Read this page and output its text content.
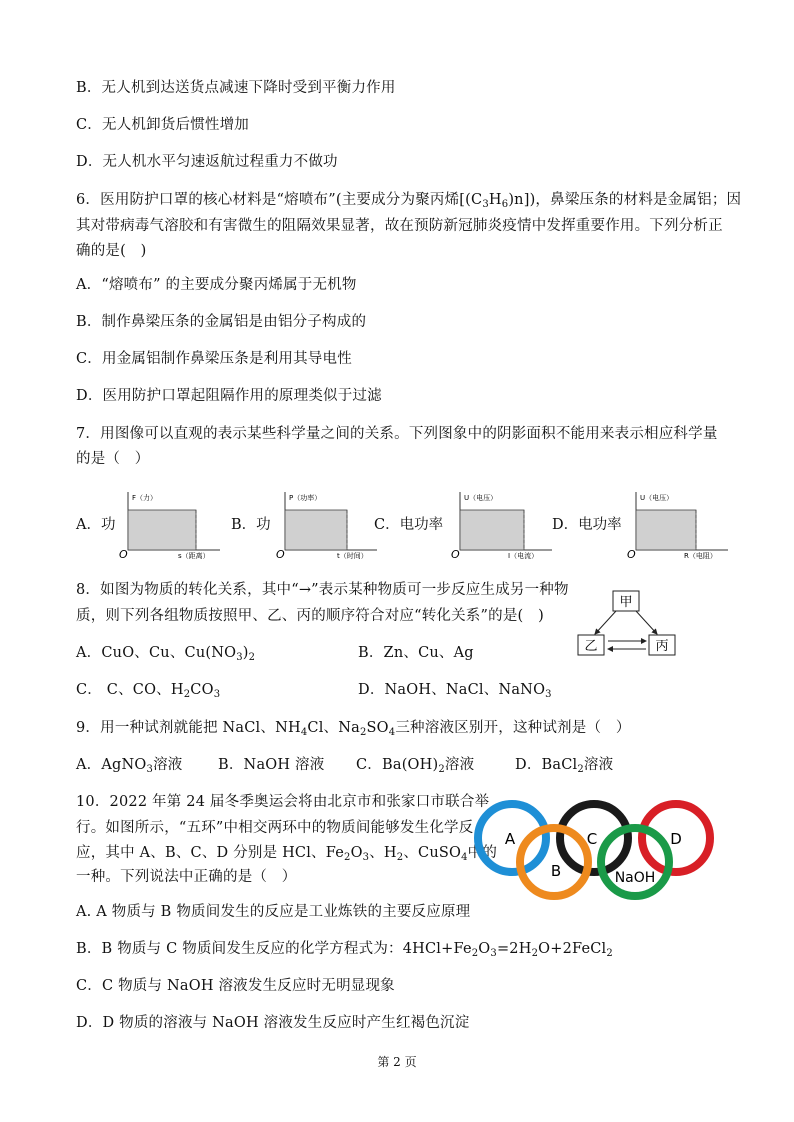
B．无人机到达送货点减速下降时受到平衡力作用
C．无人机卸货后惯性增加
D．无人机水平匀速返航过程重力不做功
6．医用防护口罩的核心材料是“熔喷布”(主要成分为聚丙烯$[(C_3H_6)n]$)，鼻梁压条的材料是金属铝；因
其对带病毒气溶胶和有害微生的阻隔效果显著，故在预防新冠肺炎疫情中发挥重要作用。下列分析正
确的是(　)
A．“熔喷布” 的主要成分聚丙烯属于无机物
B．制作鼻梁压条的金属铝是由铝分子构成的
C．用金属铝制作鼻梁压条是利用其导电性
D．医用防护口罩起阻隔作用的原理类似于过滤
7．用图像可以直观的表示某些科学量之间的关系。下列图象中的阴影面积不能用来表示相应科学量
的是（　）
A．功	B．功	C．电功率	D．电功率
F（力）
s（距离）
O
P（功率）
t（时间）
O
U（电压）
I（电流）
O
U（电压）
R（电阻）
O
8．如图为物质的转化关系，其中“→”表示某种物质可一步反应生成另一种物
质，则下列各组物质按照甲、乙、丙的顺序符合对应“转化关系”的是(　)
A．CuO、Cu、$Cu(NO_3)_2$	B．Zn、Cu、Ag
C． C、CO、$H_2CO_3$	D．NaOH、NaCl、NaNO$_3$
甲
乙	丙
9．用一种试剂就能把 NaCl、$NH_4Cl$、$Na_2SO_4$三种溶液区别开，这种试剂是（　）
A．AgNO$_3$溶液 B．NaOH 溶液 C．$Ba(OH)_2$溶液	D．BaCl$_2$溶液
10．2022 年第 24 届冬季奥运会将由北京市和张家口市联合举
行。如图所示，“五环”中相交两环中的物质间能够发生化学反
应，其中 A、B、C、D 分别是 HCl、$Fe_2O_3$、$H_2$、CuSO$_4$中的
一种。下列说法中正确的是（　）
A. A 物质与 B 物质间发生的反应是工业炼铁的主要反应原理
B．B 物质与 C 物质间发生反应的化学方程式为：$4HCl+Fe_2O_3=2H_2O+2FeCl_2$
C．C 物质与 NaOH 溶液发生反应时无明显现象
D．D 物质的溶液与 NaOH 溶液发生反应时产生红褐色沉淀
A	C	D
B	NaOH
第 2 页
